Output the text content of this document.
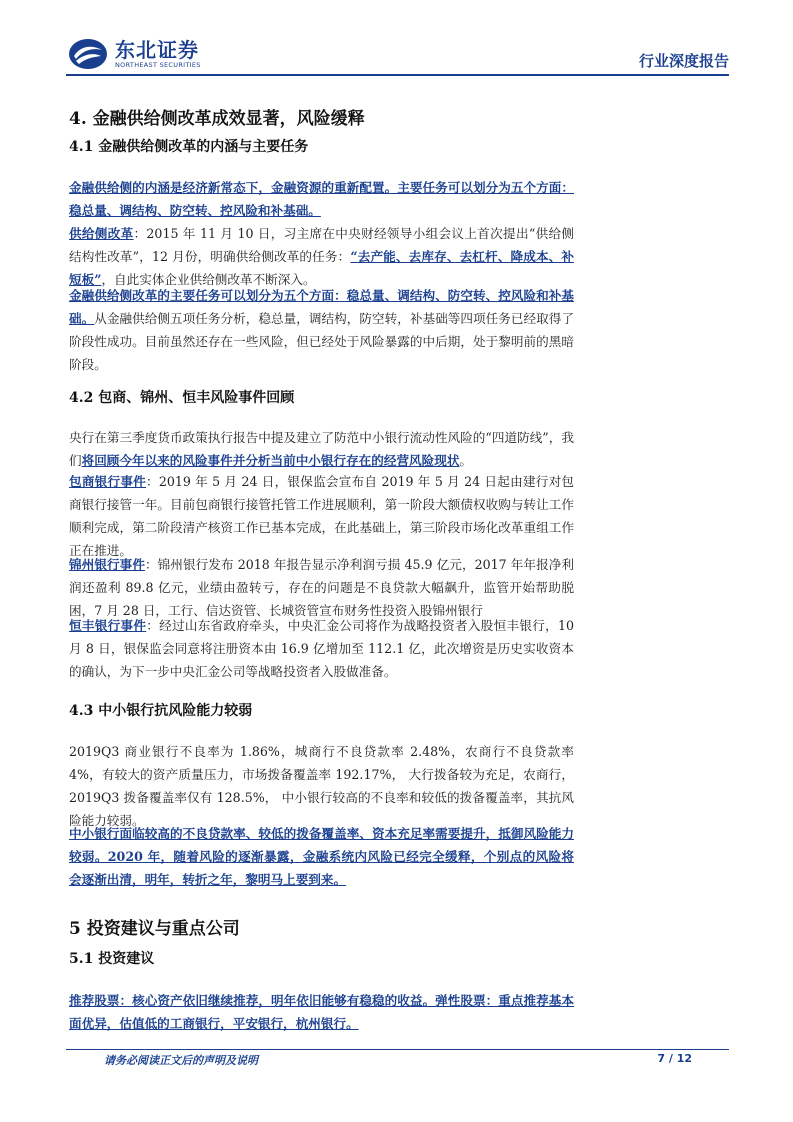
东北证券
NORTHEAST SECURITIES	行业深度报告
4. 金融供给侧改革成效显著，风险缓释
4.1 金融供给侧改革的内涵与主要任务
金融供给侧的内涵是经济新常态下，金融资源的重新配置。主要任务可以划分为五个方面：稳总量、调结构、防空转、控风险和补基础。
供给侧改革：2015 年 11 月 10 日，习主席在中央财经领导小组会议上首次提出“供给侧结构性改革”，12 月份，明确供给侧改革的任务：“去产能、去库存、去杠杆、降成本、补短板”，自此实体企业供给侧改革不断深入。
金融供给侧改革的主要任务可以划分为五个方面：稳总量、调结构、防空转、控风险和补基础。从金融供给侧五项任务分析，稳总量，调结构，防空转，补基础等四项任务已经取得了阶段性成功。目前虽然还存在一些风险，但已经处于风险暴露的中后期，处于黎明前的黑暗阶段。
4.2 包商、锦州、恒丰风险事件回顾
央行在第三季度货币政策执行报告中提及建立了防范中小银行流动性风险的“四道防线”，我们将回顾今年以来的风险事件并分析当前中小银行存在的经营风险现状。
包商银行事件：2019 年 5 月 24 日，银保监会宣布自 2019 年 5 月 24 日起由建行对包商银行接管一年。目前包商银行接管托管工作进展顺利，第一阶段大额债权收购与转让工作顺利完成，第二阶段清产核资工作已基本完成，在此基础上，第三阶段市场化改革重组工作正在推进。
锦州银行事件：锦州银行发布 2018 年报告显示净利润亏损 45.9 亿元，2017 年年报净利润还盈利 89.8 亿元，业绩由盈转亏，存在的问题是不良贷款大幅飙升，监管开始帮助脱困，7 月 28 日，工行、信达资管、长城资管宣布财务性投资入股锦州银行
恒丰银行事件：经过山东省政府牵头，中央汇金公司将作为战略投资者入股恒丰银行，10 月 8 日，银保监会同意将注册资本由 16.9 亿增加至 112.1 亿，此次增资是历史实收资本的确认，为下一步中央汇金公司等战略投资者入股做准备。
4.3 中小银行抗风险能力较弱
2019Q3 商业银行不良率为 1.86%，城商行不良贷款率 2.48%，农商行不良贷款率 4%，有较大的资产质量压力，市场拨备覆盖率 192.17%， 大行拨备较为充足，农商行，2019Q3 拨备覆盖率仅有 128.5%， 中小银行较高的不良率和较低的拨备覆盖率，其抗风险能力较弱。
中小银行面临较高的不良贷款率、较低的拨备覆盖率、资本充足率需要提升，抵御风险能力较弱。2020 年，随着风险的逐渐暴露，金融系统内风险已经完全缓释，个别点的风险将会逐渐出清，明年，转折之年，黎明马上要到来。
5 投资建议与重点公司
5.1 投资建议
推荐股票：核心资产依旧继续推荐，明年依旧能够有稳稳的收益。弹性股票：重点推荐基本面优异，估值低的工商银行，平安银行，杭州银行。
请务必阅读正文后的声明及说明	7 / 12
